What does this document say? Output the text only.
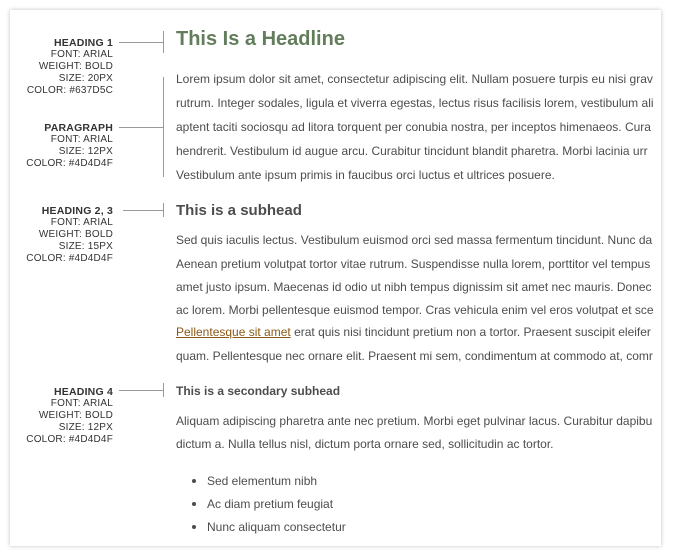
HEADING 1
FONT: ARIAL
WEIGHT: BOLD
SIZE: 20PX
COLOR: #637D5C
PARAGRAPH
FONT: ARIAL
SIZE: 12PX
COLOR: #4D4D4F
HEADING 2, 3
FONT: ARIAL
WEIGHT: BOLD
SIZE: 15PX
COLOR: #4D4D4F
HEADING 4
FONT: ARIAL
WEIGHT: BOLD
SIZE: 12PX
COLOR: #4D4D4F
This Is a Headline
Lorem ipsum dolor sit amet, consectetur adipiscing elit. Nullam posuere turpis eu nisi grav
rutrum. Integer sodales, ligula et viverra egestas, lectus risus facilisis lorem, vestibulum ali
aptent taciti sociosqu ad litora torquent per conubia nostra, per inceptos himenaeos. Cura
hendrerit. Vestibulum id augue arcu. Curabitur tincidunt blandit pharetra. Morbi lacinia urr
Vestibulum ante ipsum primis in faucibus orci luctus et ultrices posuere.
This is a subhead
Sed quis iaculis lectus. Vestibulum euismod orci sed massa fermentum tincidunt. Nunc da
Aenean pretium volutpat tortor vitae rutrum. Suspendisse nulla lorem, porttitor vel tempus
amet justo ipsum. Maecenas id odio ut nibh tempus dignissim sit amet nec mauris. Donec
ac lorem. Morbi pellentesque euismod tempor. Cras vehicula enim vel eros volutpat et sce
Pellentesque sit amet erat quis nisi tincidunt pretium non a tortor. Praesent suscipit eleifer
quam. Pellentesque nec ornare elit. Praesent mi sem, condimentum at commodo at, comr
This is a secondary subhead
Aliquam adipiscing pharetra ante nec pretium. Morbi eget pulvinar lacus. Curabitur dapibu
dictum a. Nulla tellus nisl, dictum porta ornare sed, sollicitudin ac tortor.
Sed elementum nibh
Ac diam pretium feugiat
Nunc aliquam consectetur
